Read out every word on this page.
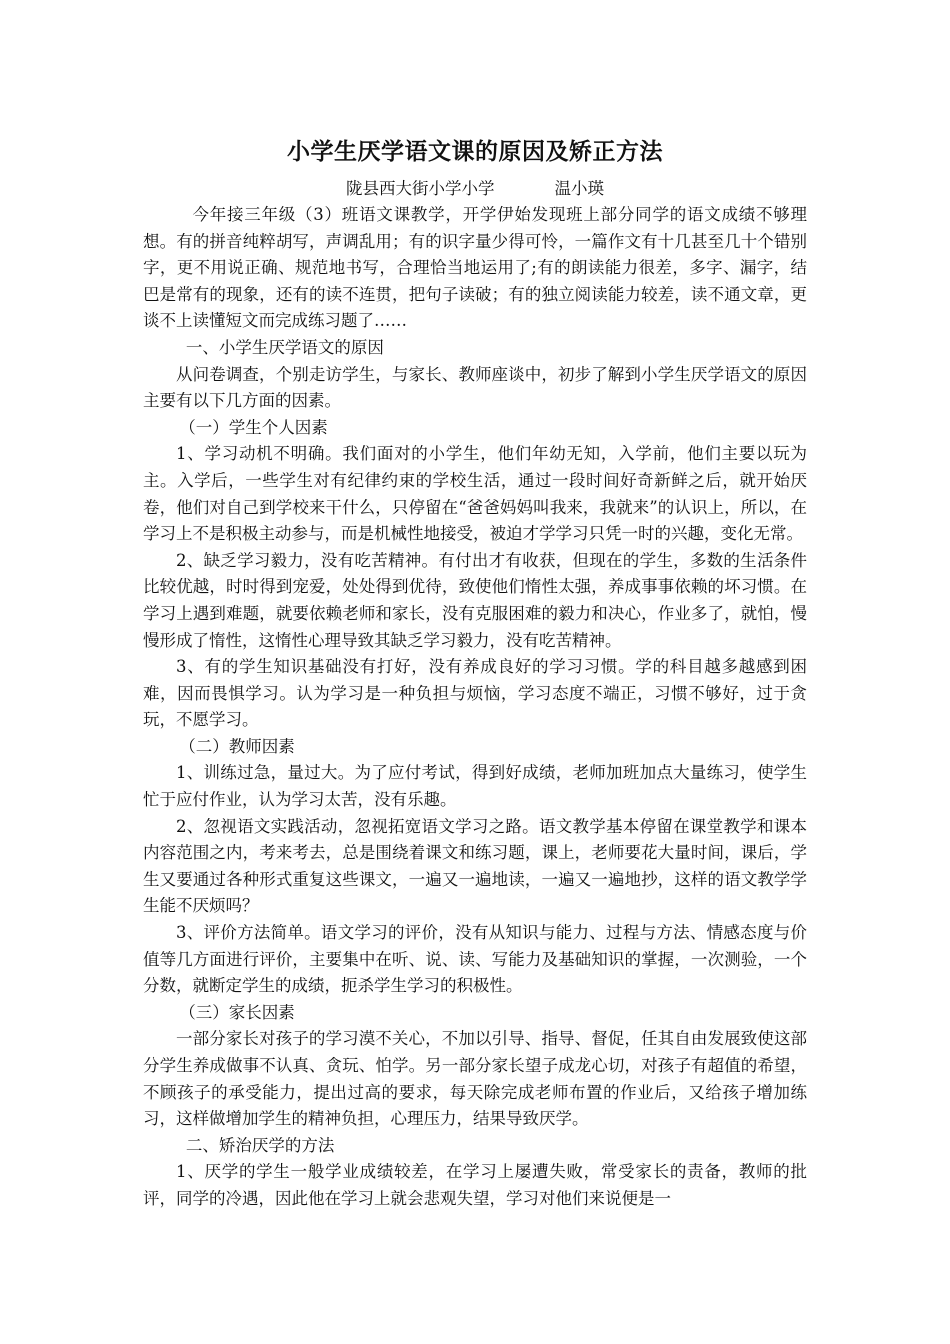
小学生厌学语文课的原因及矫正方法
陇县西大街小学小学	温小瑛

今年接三年级（3）班语文课教学，开学伊始发现班上部分同学的语文成绩不够理想。有的拼音纯粹胡写，声调乱用；有的识字量少得可怜，一篇作文有十几甚至几十个错别字，更不用说正确、规范地书写，合理恰当地运用了;有的朗读能力很差，多字、漏字，结巴是常有的现象，还有的读不连贯，把句子读破；有的独立阅读能力较差，读不通文章，更谈不上读懂短文而完成练习题了……

一、小学生厌学语文的原因

从问卷调查，个别走访学生，与家长、教师座谈中，初步了解到小学生厌学语文的原因主要有以下几方面的因素。

（一）学生个人因素

1、学习动机不明确。我们面对的小学生，他们年幼无知，入学前，他们主要以玩为主。入学后，一些学生对有纪律约束的学校生活，通过一段时间好奇新鲜之后，就开始厌卷，他们对自己到学校来干什么，只停留在“爸爸妈妈叫我来，我就来”的认识上，所以，在学习上不是积极主动参与，而是机械性地接受，被迫才学学习只凭一时的兴趣，变化无常。

2、缺乏学习毅力，没有吃苦精神。有付出才有收获，但现在的学生，多数的生活条件比较优越，时时得到宠爱，处处得到优待，致使他们惰性太强，养成事事依赖的坏习惯。在学习上遇到难题，就要依赖老师和家长，没有克服困难的毅力和决心，作业多了，就怕，慢慢形成了惰性，这惰性心理导致其缺乏学习毅力，没有吃苦精神。

3、有的学生知识基础没有打好，没有养成良好的学习习惯。学的科目越多越感到困难，因而畏惧学习。认为学习是一种负担与烦恼，学习态度不端正，习惯不够好，过于贪玩，不愿学习。

（二）教师因素

1、训练过急，量过大。为了应付考试，得到好成绩，老师加班加点大量练习，使学生忙于应付作业，认为学习太苦，没有乐趣。

2、忽视语文实践活动，忽视拓宽语文学习之路。语文教学基本停留在课堂教学和课本内容范围之内，考来考去，总是围绕着课文和练习题，课上，老师要花大量时间，课后，学生又要通过各种形式重复这些课文，一遍又一遍地读，一遍又一遍地抄，这样的语文教学学生能不厌烦吗？

3、评价方法简单。语文学习的评价，没有从知识与能力、过程与方法、情感态度与价值等几方面进行评价，主要集中在听、说、读、写能力及基础知识的掌握，一次测验，一个分数，就断定学生的成绩，扼杀学生学习的积极性。

（三）家长因素

一部分家长对孩子的学习漠不关心，不加以引导、指导、督促，任其自由发展致使这部分学生养成做事不认真、贪玩、怕学。另一部分家长望子成龙心切，对孩子有超值的希望，不顾孩子的承受能力，提出过高的要求，每天除完成老师布置的作业后，又给孩子增加练习，这样做增加学生的精神负担，心理压力，结果导致厌学。

二、矫治厌学的方法

1、厌学的学生一般学业成绩较差，在学习上屡遭失败，常受家长的责备，教师的批评，同学的冷遇，因此他在学习上就会悲观失望，学习对他们来说便是一
